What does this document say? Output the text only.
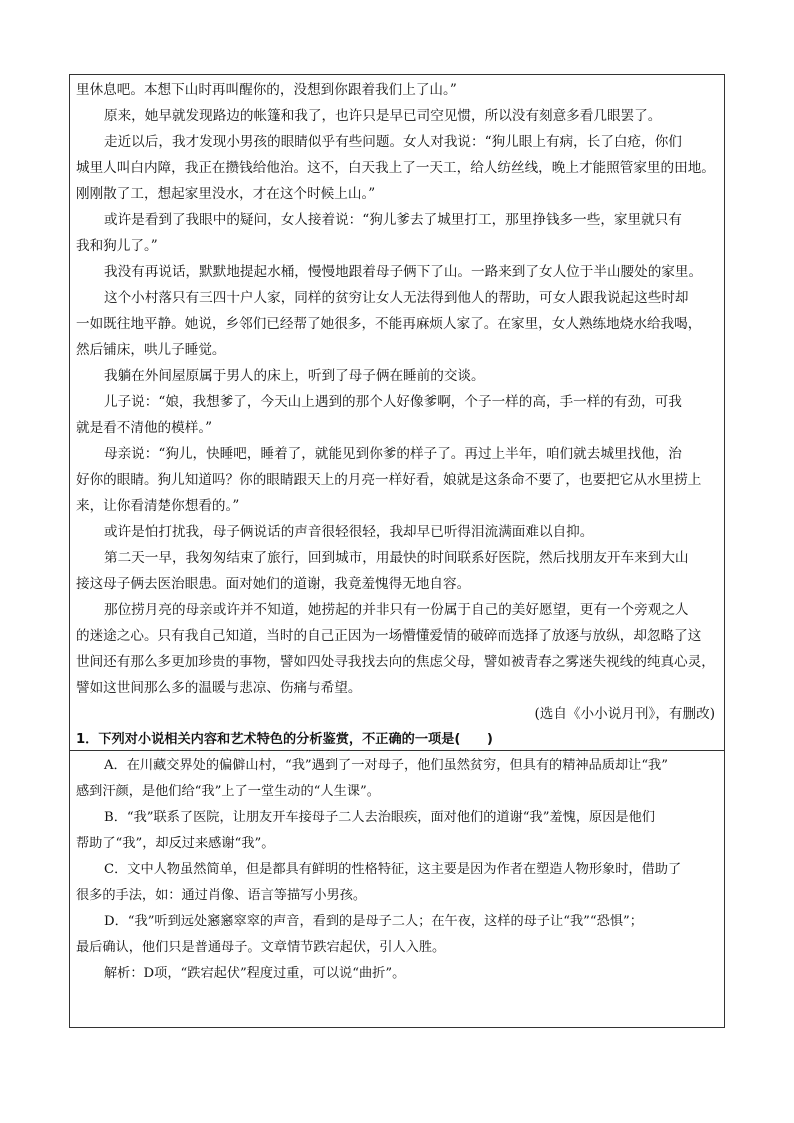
里休息吧。本想下山时再叫醒你的，没想到你跟着我们上了山。”
原来，她早就发现路边的帐篷和我了，也许只是早已司空见惯，所以没有刻意多看几眼罢了。
走近以后，我才发现小男孩的眼睛似乎有些问题。女人对我说：“狗儿眼上有病，长了白疮，你们
城里人叫白内障，我正在攒钱给他治。这不，白天我上了一天工，给人纺丝线，晚上才能照管家里的田地。
刚刚散了工，想起家里没水，才在这个时候上山。”
或许是看到了我眼中的疑问，女人接着说：“狗儿爹去了城里打工，那里挣钱多一些，家里就只有
我和狗儿了。”
我没有再说话，默默地提起水桶，慢慢地跟着母子俩下了山。一路来到了女人位于半山腰处的家里。
这个小村落只有三四十户人家，同样的贫穷让女人无法得到他人的帮助，可女人跟我说起这些时却
一如既往地平静。她说，乡邻们已经帮了她很多，不能再麻烦人家了。在家里，女人熟练地烧水给我喝，
然后铺床，哄儿子睡觉。
我躺在外间屋原属于男人的床上，听到了母子俩在睡前的交谈。
儿子说：“娘，我想爹了，今天山上遇到的那个人好像爹啊，个子一样的高，手一样的有劲，可我
就是看不清他的模样。”
母亲说：“狗儿，快睡吧，睡着了，就能见到你爹的样子了。再过上半年，咱们就去城里找他，治
好你的眼睛。狗儿知道吗？你的眼睛跟天上的月亮一样好看，娘就是这条命不要了，也要把它从水里捞上
来，让你看清楚你想看的。”
或许是怕打扰我，母子俩说话的声音很轻很轻，我却早已听得泪流满面难以自抑。
第二天一早，我匆匆结束了旅行，回到城市，用最快的时间联系好医院，然后找朋友开车来到大山
接这母子俩去医治眼患。面对她们的道谢，我竟羞愧得无地自容。
那位捞月亮的母亲或许并不知道，她捞起的并非只有一份属于自己的美好愿望，更有一个旁观之人
的迷途之心。只有我自己知道，当时的自己正因为一场懵懂爱情的破碎而选择了放逐与放纵，却忽略了这
世间还有那么多更加珍贵的事物，譬如四处寻我找去向的焦虑父母，譬如被青春之雾迷失视线的纯真心灵，
譬如这世间那么多的温暖与悲凉、伤痛与希望。
(选自《小小说月刊》，有删改)
1．下列对小说相关内容和艺术特色的分析鉴赏，不正确的一项是(　　)
A．在川藏交界处的偏僻山村，“我”遇到了一对母子，他们虽然贫穷，但具有的精神品质却让“我”
感到汗颜，是他们给“我”上了一堂生动的“人生课”。
B．“我”联系了医院，让朋友开车接母子二人去治眼疾，面对他们的道谢“我”羞愧，原因是他们
帮助了“我”，却反过来感谢“我”。
C．文中人物虽然简单，但是都具有鲜明的性格特征，这主要是因为作者在塑造人物形象时，借助了
很多的手法，如：通过肖像、语言等描写小男孩。
D．“我”听到远处窸窸窣窣的声音，看到的是母子二人；在午夜，这样的母子让“我”“恐惧”；
最后确认，他们只是普通母子。文章情节跌宕起伏，引人入胜。
解析：D项，“跌宕起伏”程度过重，可以说“曲折”。
